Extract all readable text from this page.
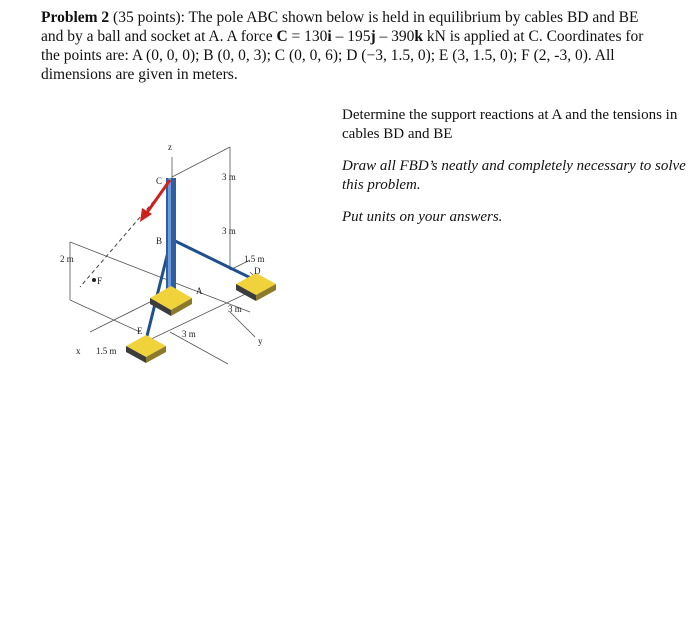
Problem 2 (35 points): The pole ABC shown below is held in equilibrium by cables BD and BE and by a ball and socket at A. A force C = 130i – 195j – 390k kN is applied at C. Coordinates for the points are: A (0, 0, 0); B (0, 0, 3); C (0, 0, 6); D (−3, 1.5, 0); E (3, 1.5, 0); F (2, -3, 0). All dimensions are given in meters.

Determine the support reactions at A and the tensions in cables BD and BE

Draw all FBD’s neatly and completely necessary to solve this problem.

Put units on your answers.

z
C
B
A
D
E
F
x
y
3 m
3 m
1.5 m
3 m
3 m
2 m
1.5 m
